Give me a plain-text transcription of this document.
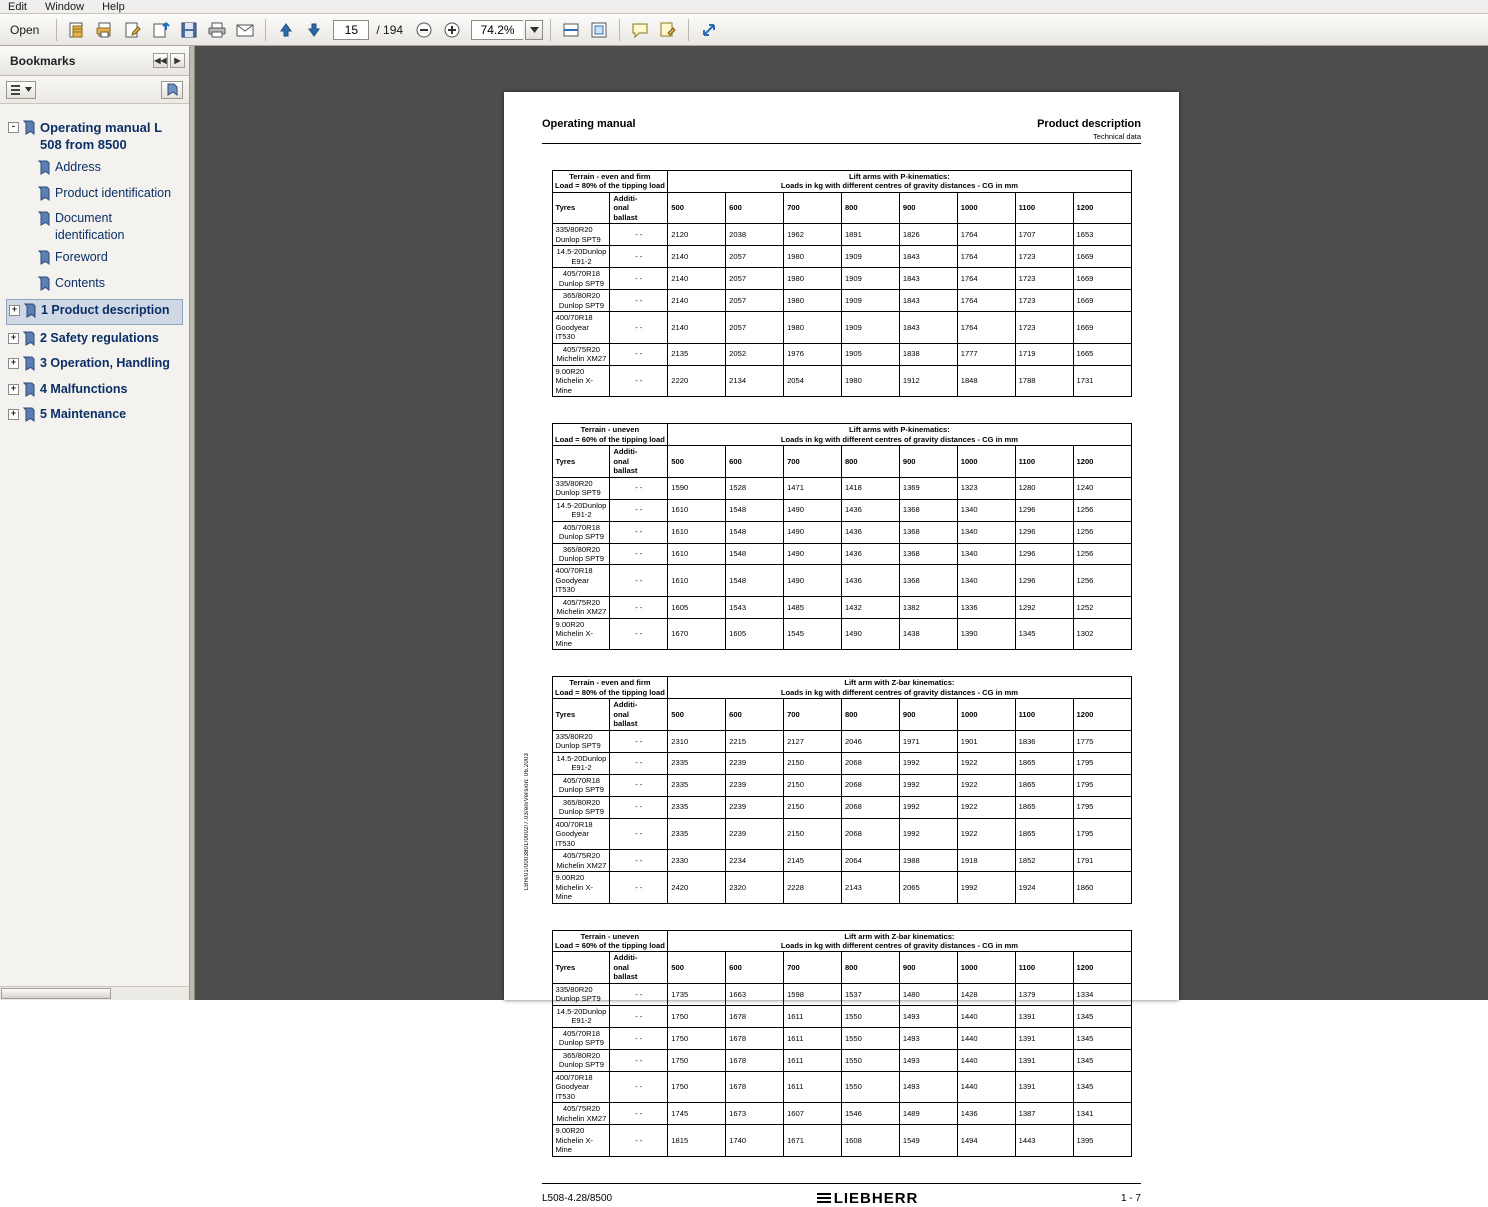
Edit Window Help
Open	15	/ 194	74.2%
Bookmarks	◀◀ ▶
- Operating manual L 508 from 8500
Address
Product identification
Document identification
Foreword
Contents
+ 1 Product description
+ 2 Safety regulations
+ 3 Operation, Handling
+ 4 Malfunctions
+ 5 Maintenance
Operating manual	Product description
Technical data
LBH/01/0003801/0002/7.03/en/Version: 06.2003
Terrain - even and firm
Load = 80% of the tipping load

Lift arms with P-kinematics:
Loads in kg with different centres of gravity distances - CG in mm

Tyres	Additi-
onal
ballast	500	600	700	800	900	1000	1100	1200
335/80R20 Dunlop SPT9	- -	2120	2038	1962	1891	1826	1764	1707	1653
14.5-20Dunlop E91-2	- -	2140	2057	1980	1909	1843	1764	1723	1669
405/70R18 Dunlop SPT9	- -	2140	2057	1980	1909	1843	1764	1723	1669
365/80R20 Dunlop SPT9	- -	2140	2057	1980	1909	1843	1764	1723	1669
400/70R18 Goodyear IT530	- -	2140	2057	1980	1909	1843	1764	1723	1669
405/75R20 Michelin XM27	- -	2135	2052	1976	1905	1838	1777	1719	1665
9.00R20 Michelin X-Mine	- -	2220	2134	2054	1980	1912	1848	1788	1731
Terrain - uneven
Load = 60% of the tipping load

Lift arms with P-kinematics:
Loads in kg with different centres of gravity distances - CG in mm

Tyres	Additi-
onal
ballast	500	600	700	800	900	1000	1100	1200
335/80R20 Dunlop SPT9	- -	1590	1528	1471	1418	1369	1323	1280	1240
14.5-20Dunlop E91-2	- -	1610	1548	1490	1436	1368	1340	1296	1256
405/70R18 Dunlop SPT9	- -	1610	1548	1490	1436	1368	1340	1296	1256
365/80R20 Dunlop SPT9	- -	1610	1548	1490	1436	1368	1340	1296	1256
400/70R18 Goodyear IT530	- -	1610	1548	1490	1436	1368	1340	1296	1256
405/75R20 Michelin XM27	- -	1605	1543	1485	1432	1382	1336	1292	1252
9.00R20 Michelin X-Mine	- -	1670	1605	1545	1490	1438	1390	1345	1302
Terrain - even and firm
Load = 80% of the tipping load

Lift arm with Z-bar kinematics:
Loads in kg with different centres of gravity distances - CG in mm

Tyres	Additi-
onal
ballast	500	600	700	800	900	1000	1100	1200
335/80R20 Dunlop SPT9	- -	2310	2215	2127	2046	1971	1901	1836	1775
14.5-20Dunlop E91-2	- -	2335	2239	2150	2068	1992	1922	1865	1795
405/70R18 Dunlop SPT9	- -	2335	2239	2150	2068	1992	1922	1865	1795
365/80R20 Dunlop SPT9	- -	2335	2239	2150	2068	1992	1922	1865	1795
400/70R18 Goodyear IT530	- -	2335	2239	2150	2068	1992	1922	1865	1795
405/75R20 Michelin XM27	- -	2330	2234	2145	2064	1988	1918	1852	1791
9.00R20 Michelin X-Mine	- -	2420	2320	2228	2143	2065	1992	1924	1860
Terrain - uneven
Load = 60% of the tipping load

Lift arm with Z-bar kinematics:
Loads in kg with different centres of gravity distances - CG in mm

Tyres	Additi-
onal
ballast	500	600	700	800	900	1000	1100	1200
335/80R20 Dunlop SPT9	- -	1735	1663	1598	1537	1480	1428	1379	1334
14.5-20Dunlop E91-2	- -	1750	1678	1611	1550	1493	1440	1391	1345
405/70R18 Dunlop SPT9	- -	1750	1678	1611	1550	1493	1440	1391	1345
365/80R20 Dunlop SPT9	- -	1750	1678	1611	1550	1493	1440	1391	1345
400/70R18 Goodyear IT530	- -	1750	1678	1611	1550	1493	1440	1391	1345
405/75R20 Michelin XM27	- -	1745	1673	1607	1546	1489	1436	1387	1341
9.00R20 Michelin X-Mine	- -	1815	1740	1671	1608	1549	1494	1443	1395
L508-4.28/8500	LIEBHERR	1 - 7
